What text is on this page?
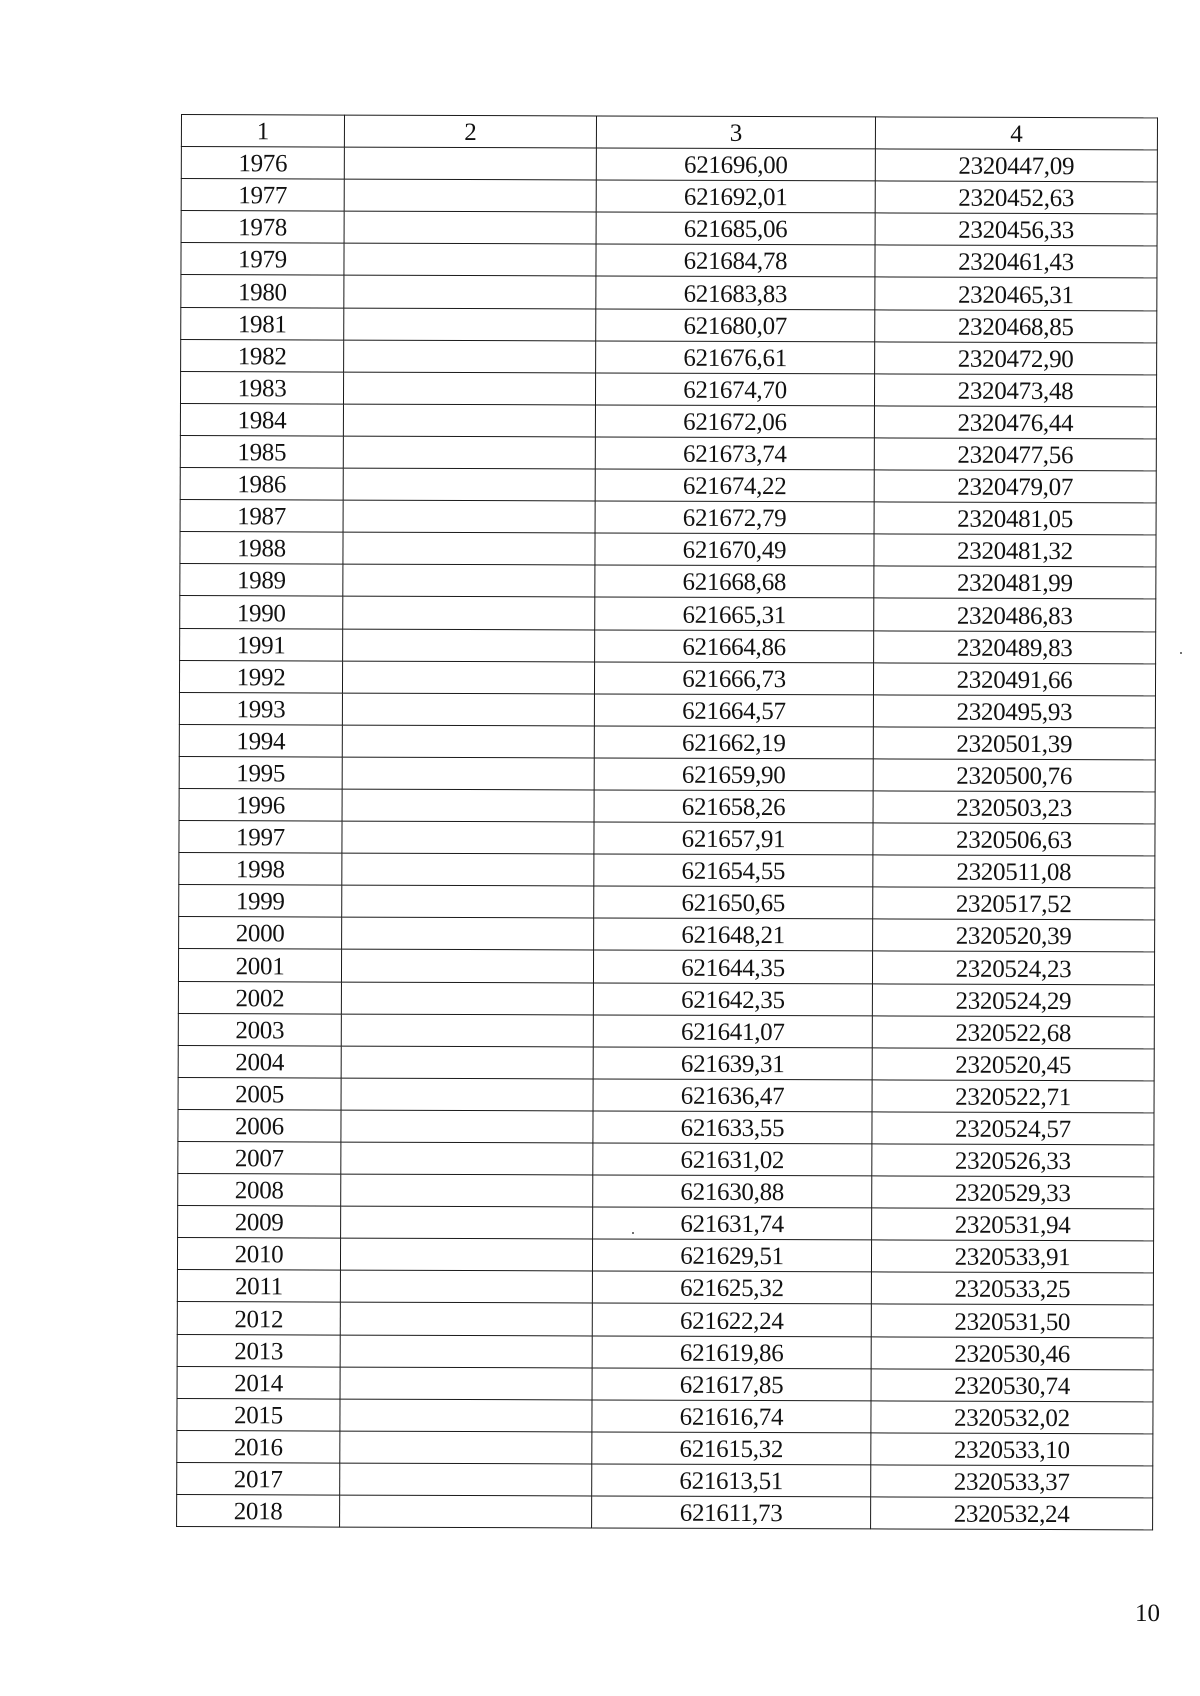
1	2	3	4
1976		621696,00	2320447,09
1977		621692,01	2320452,63
1978		621685,06	2320456,33
1979		621684,78	2320461,43
1980		621683,83	2320465,31
1981		621680,07	2320468,85
1982		621676,61	2320472,90
1983		621674,70	2320473,48
1984		621672,06	2320476,44
1985		621673,74	2320477,56
1986		621674,22	2320479,07
1987		621672,79	2320481,05
1988		621670,49	2320481,32
1989		621668,68	2320481,99
1990		621665,31	2320486,83
1991		621664,86	2320489,83
1992		621666,73	2320491,66
1993		621664,57	2320495,93
1994		621662,19	2320501,39
1995		621659,90	2320500,76
1996		621658,26	2320503,23
1997		621657,91	2320506,63
1998		621654,55	2320511,08
1999		621650,65	2320517,52
2000		621648,21	2320520,39
2001		621644,35	2320524,23
2002		621642,35	2320524,29
2003		621641,07	2320522,68
2004		621639,31	2320520,45
2005		621636,47	2320522,71
2006		621633,55	2320524,57
2007		621631,02	2320526,33
2008		621630,88	2320529,33
2009		621631,74	2320531,94
2010		621629,51	2320533,91
2011		621625,32	2320533,25
2012		621622,24	2320531,50
2013		621619,86	2320530,46
2014		621617,85	2320530,74
2015		621616,74	2320532,02
2016		621615,32	2320533,10
2017		621613,51	2320533,37
2018		621611,73	2320532,24
10
